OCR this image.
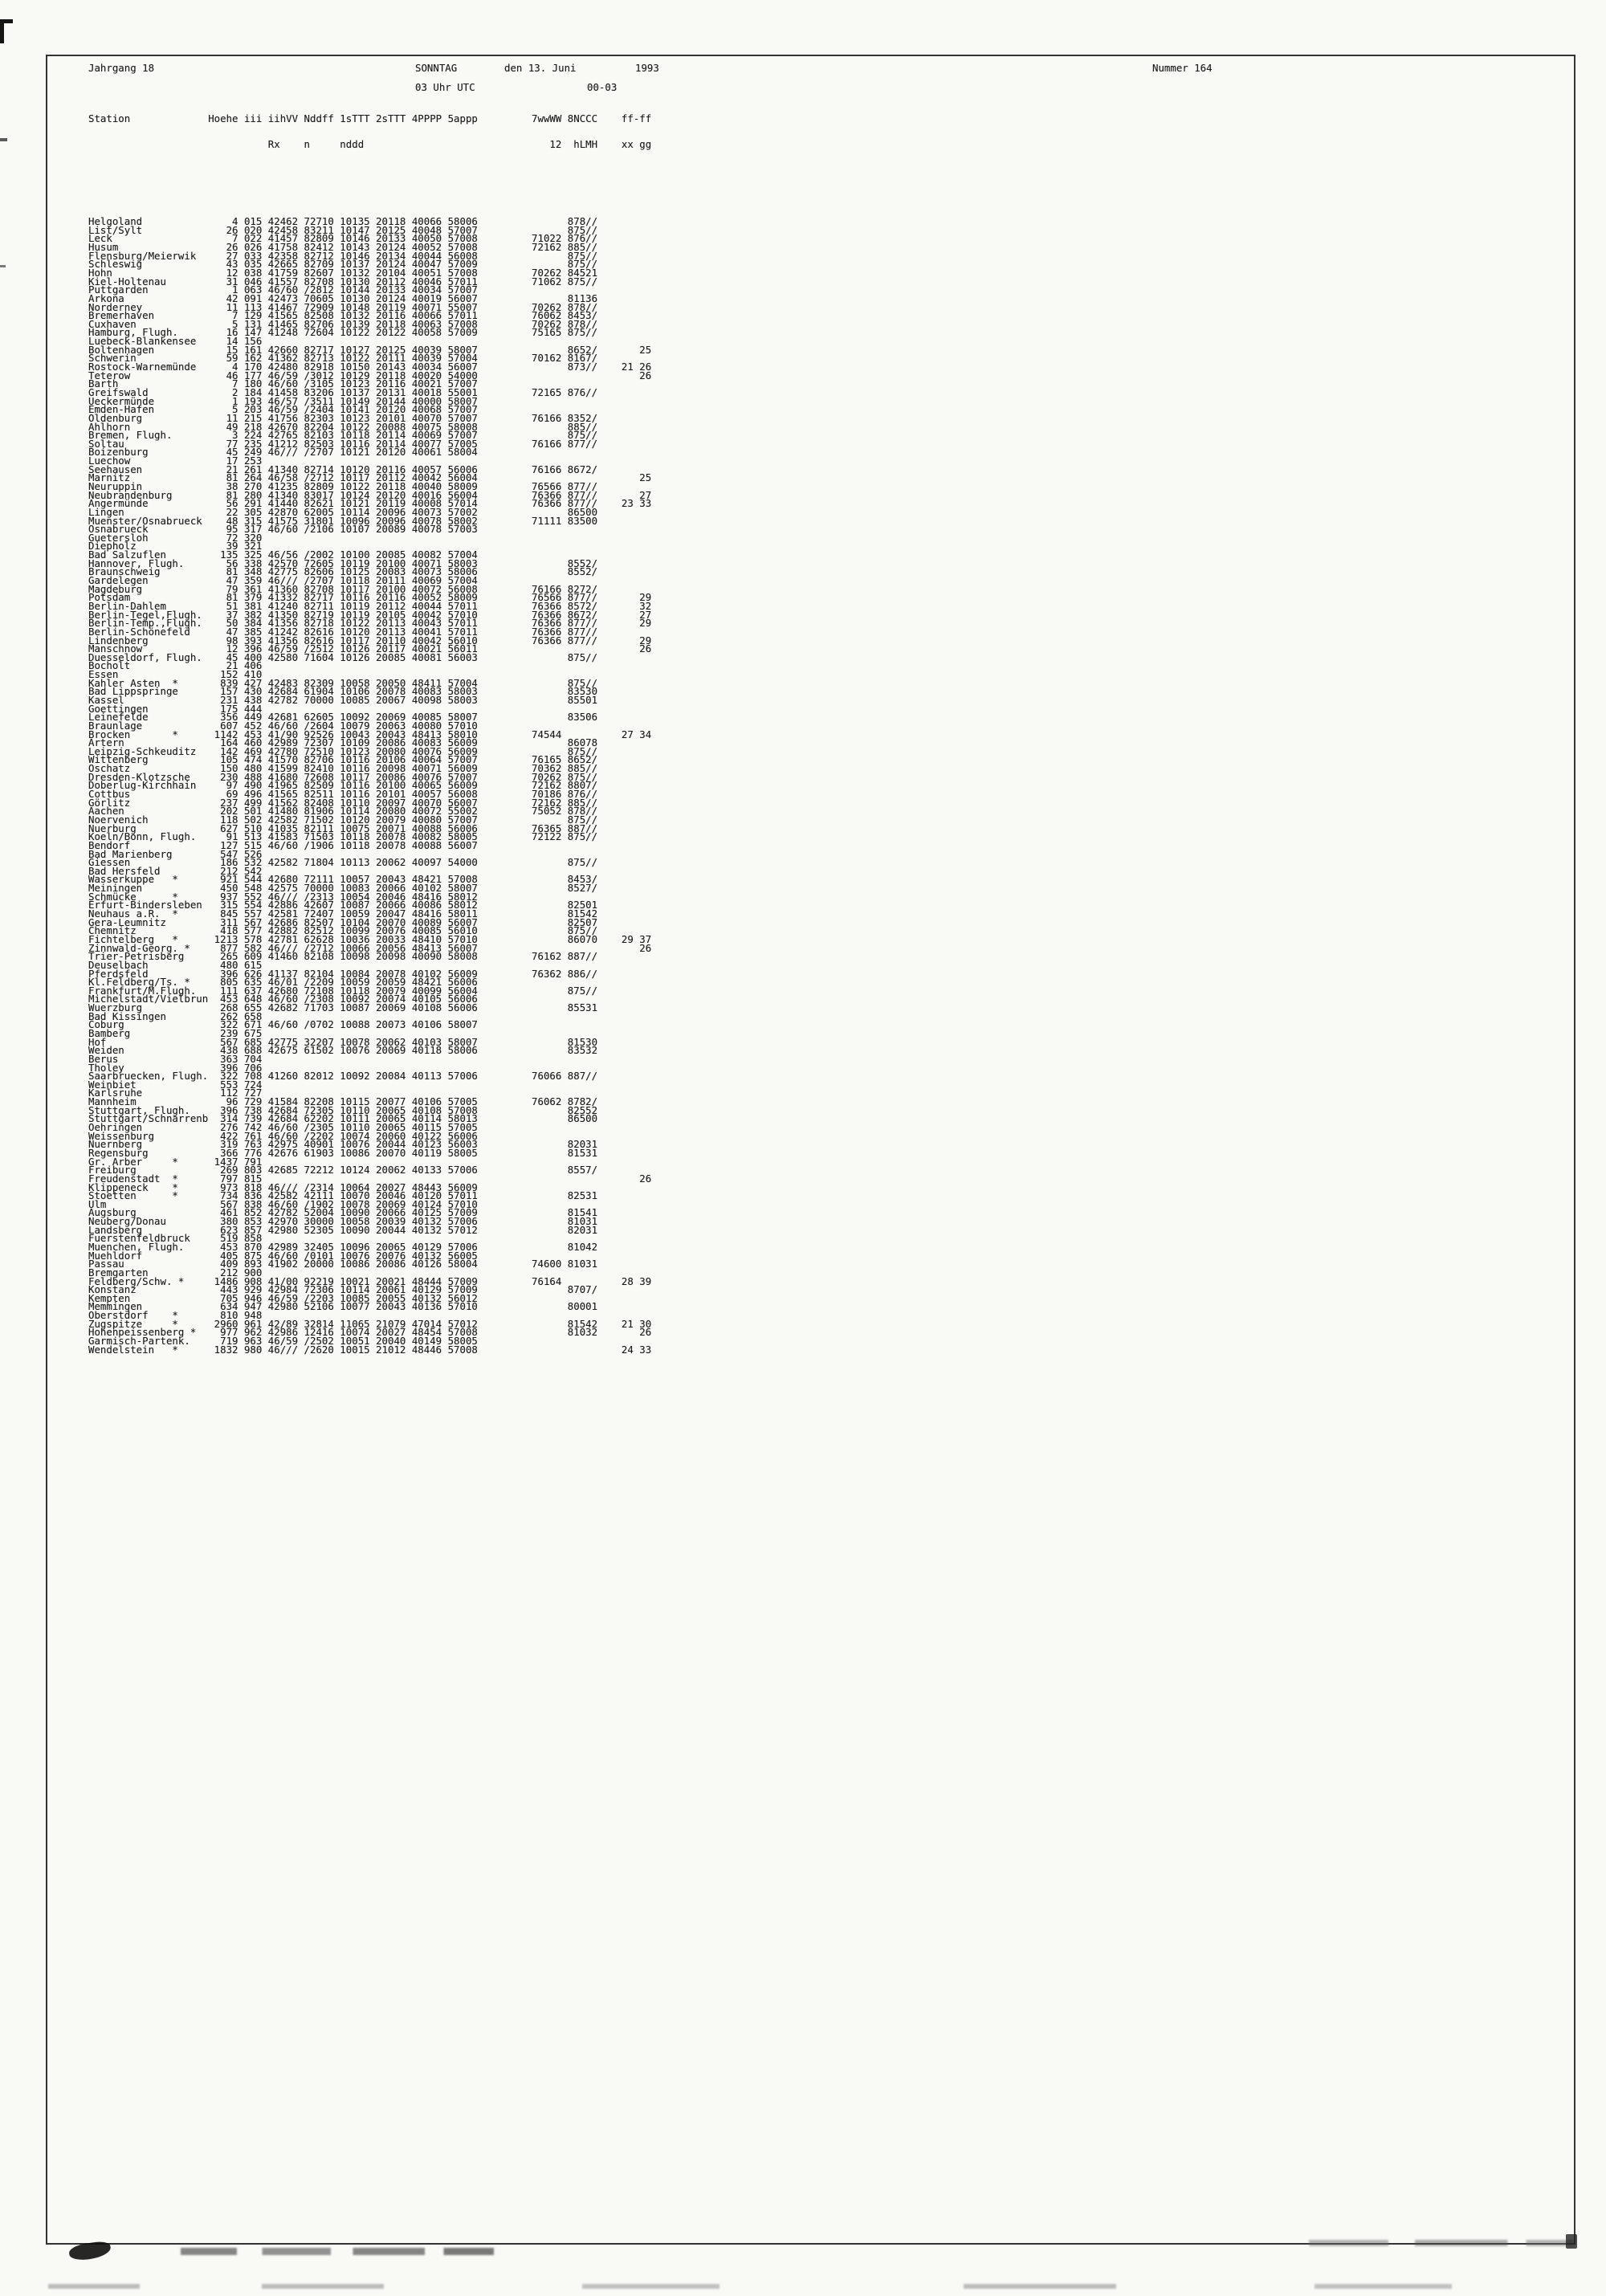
Jahrgang 18	SONNTAG	den 13. Juni	1993	Nummer 164
03 Uhr UTC	00-03

Station             Hoehe iii iihVV Nddff 1sTTT 2sTTT 4PPPP 5appp         7wwWW 8NCCC    ff-ff

Rx    n     nddd                               12  hLMH    xx gg

Helgoland               4 015 42462 72710 10135 20118 40066 58006               878//
List/Sylt              26 020 42458 83211 10147 20125 40048 57007               875//
Leck                    7 022 41457 82809 10146 20133 40050 57008         71022 876//
Husum                  26 026 41758 82412 10143 20124 40052 57008         72162 885//
Flensburg/Meierwik     27 033 42358 82712 10146 20134 40044 56008               875//
Schleswig              43 035 42665 82709 10137 20124 40047 57009               875//
Hohn                   12 038 41759 82607 10132 20104 40051 57008         70262 84521
Kiel-Holtenau          31 046 41557 82708 10130 20112 40046 57011         71062 875//
Puttgarden              1 063 46/60 /2812 10144 20133 40034 57007
Arkona                 42 091 42473 70605 10130 20124 40019 56007               81136
Norderney              11 113 41467 72909 10148 20119 40071 55007         70262 878//
Bremerhaven             7 129 41565 82508 10132 20116 40066 57011         76062 8453/
Cuxhaven                5 131 41465 82706 10139 20118 40063 57008         70262 878//
Hamburg, Flugh.        16 147 41248 72604 10122 20122 40058 57009         75165 875//
Luebeck-Blankensee     14 156
Boltenhagen            15 161 42660 82717 10127 20125 40039 58007               8652/       25
Schwerin               59 162 41362 82713 10122 20111 40039 57004         70162 8167/
Rostock-Warnemünde      4 170 42480 82918 10150 20143 40034 56007               873//    21 26
Teterow                46 177 46/59 /3012 10129 20118 40020 54000                           26
Barth                   7 180 46/60 /3105 10123 20116 40021 57007
Greifswald              2 184 41458 83206 10137 20131 40018 55001         72165 876//
Ueckermünde             1 193 46/57 /3511 10149 20144 40000 58007
Emden-Hafen             5 203 46/59 /2404 10141 20120 40068 57007
Oldenburg              11 215 41756 82303 10123 20101 40070 57007         76166 8352/
Ahlhorn                49 218 42670 82204 10122 20088 40075 58008               885//
Bremen, Flugh.          3 224 42765 82103 10118 20114 40069 57007               875//
Soltau                 77 235 41212 82503 10116 20114 40077 57005         76166 877//
Boizenburg             45 249 46/// /2707 10121 20120 40061 58004
Luechow                17 253
Seehausen              21 261 41340 82714 10120 20116 40057 56006         76166 8672/
Marnitz                81 264 46/58 /2712 10117 20112 40042 56004                           25
Neuruppin              38 270 41235 82809 10122 20118 40040 58009         76566 877//
Neubrandenburg         81 280 41340 83017 10124 20120 40016 56004         76366 877//       27
Angermünde             56 291 41440 82621 10121 20119 40008 57014         76366 877//    23 33
Lingen                 22 305 42870 62005 10114 20096 40073 57002               86500
Muenster/Osnabrueck    48 315 41575 31801 10096 20096 40078 58002         71111 83500
Osnabrueck             95 317 46/60 /2106 10107 20089 40078 57003
Guetersloh             72 320
Diepholz               39 321
Bad Salzuflen         135 325 46/56 /2002 10100 20085 40082 57004
Hannover, Flugh.       56 338 42570 72605 10119 20100 40071 58003               8552/
Braunschweig           81 348 42775 82606 10125 20083 40073 58006               8552/
Gardelegen             47 359 46/// /2707 10118 20111 40069 57004
Magdeburg              79 361 41360 82708 10117 20100 40072 56008         76166 8272/
Potsdam                81 379 41332 82717 10116 20116 40052 58009         76566 877//       29
Berlin-Dahlem          51 381 41240 82711 10119 20112 40044 57011         76366 8572/       32
Berlin-Tegel,Flugh.    37 382 41350 82719 10119 20105 40042 57010         76366 8672/       27
Berlin-Temp.,Flugh.    50 384 41356 82718 10122 20113 40043 57011         76366 877//       29
Berlin-Schönefeld      47 385 41242 82616 10120 20113 40041 57011         76366 877//
Lindenberg             98 393 41356 82616 10117 20110 40042 56010         76366 877//       29
Manschnow              12 396 46/59 /2512 10126 20117 40021 56011                           26
Duesseldorf, Flugh.    45 400 42580 71604 10126 20085 40081 56003               875//
Bocholt                21 406
Essen                 152 410
Kahler Asten  *       839 427 42483 82309 10058 20050 48411 57004               875//
Bad Lippspringe       157 430 42684 61904 10106 20078 40083 58003               83530
Kassel                231 438 42782 70000 10085 20067 40098 58003               85501
Goettingen            175 444
Leinefelde            356 449 42681 62605 10092 20069 40085 58007               83506
Braunlage             607 452 46/60 /2604 10079 20063 40080 57010
Brocken       *      1142 453 41/90 92526 10043 20043 48413 58010         74544          27 34
Artern                164 460 42989 72307 10109 20086 40083 56009               86078
Leipzig-Schkeuditz    142 469 42780 72510 10123 20080 40076 56009               875//
Wittenberg            105 474 41570 82706 10116 20106 40064 57007         76165 8652/
Oschatz               150 480 41599 82410 10116 20098 40071 56009         70362 885//
Dresden-Klotzsche     230 488 41680 72608 10117 20086 40076 57007         70262 875//
Doberlug-Kirchhain     97 490 41965 82509 10116 20100 40065 56009         72162 8807/
Cottbus                69 496 41565 82511 10116 20101 40057 56008         70186 876//
Görlitz               237 499 41562 82408 10110 20097 40070 56007         72162 885//
Aachen                202 501 41480 81906 10114 20080 40072 55002         75052 878//
Noervenich            118 502 42582 71502 10120 20079 40080 57007               875//
Nuerburg              627 510 41035 82111 10075 20071 40088 56006         76365 887//
Koeln/Bonn, Flugh.     91 513 41583 71503 10118 20078 40082 58005         72122 875//
Bendorf               127 515 46/60 /1906 10118 20078 40088 56007
Bad Marienberg        547 526
Giessen               186 532 42582 71804 10113 20062 40097 54000               875//
Bad Hersfeld          212 542
Wasserkuppe   *       921 544 42680 72111 10057 20043 48421 57008               8453/
Meiningen             450 548 42575 70000 10083 20066 40102 58007               8527/
Schmücke      *       937 552 46/// /2313 10054 20046 48416 58012
Erfurt-Bindersleben   315 554 42886 42607 10087 20066 40086 58012               82501
Neuhaus a.R.  *       845 557 42581 72407 10059 20047 48416 58011               81542
Gera-Leumnitz         311 567 42686 82507 10104 20070 40089 56007               82507
Chemnitz              418 577 42882 82512 10099 20076 40085 56010               875//
Fichtelberg   *      1213 578 42781 62628 10036 20033 48410 57010               86070    29 37
Zinnwald-Georg. *     877 582 46/// /2712 10066 20056 48413 56007                           26
Trier-Petrisberg      265 609 41460 82108 10098 20098 40090 58008         76162 887//
Deuselbach            480 615
Pferdsfeld            396 626 41137 82104 10084 20078 40102 56009         76362 886//
Kl.Feldberg/Ts. *     805 635 46/01 /2209 10059 20059 48421 56006
Frankfurt/M.Flugh.    111 637 42680 72108 10118 20079 40099 56004               875//
Michelstadt/Vielbrun  453 648 46/60 /2308 10092 20074 40105 56006
Wuerzburg             268 655 42682 71703 10087 20069 40108 56006               85531
Bad Kissingen         262 658
Coburg                322 671 46/60 /0702 10088 20073 40106 58007
Bamberg               239 675
Hof                   567 685 42775 32207 10078 20062 40103 58007               81530
Weiden                438 688 42675 61502 10076 20069 40118 58006               83532
Berus                 363 704
Tholey                396 706
Saarbruecken, Flugh.  322 708 41260 82012 10092 20084 40113 57006         76066 887//
Weinbiet              553 724
Karlsruhe             112 727
Mannheim               96 729 41584 82208 10115 20077 40106 57005         76062 8782/
Stuttgart, Flugh.     396 738 42684 72305 10110 20065 40108 57008               82552
Stuttgart/Schnarrenb  314 739 42684 62202 10111 20065 40114 58013               86500
Oehringen             276 742 46/60 /2305 10110 20065 40115 57005
Weissenburg           422 761 46/60 /2202 10074 20060 40122 56006
Nuernberg             319 763 42975 40901 10076 20044 40123 56003               82031
Regensburg            366 776 42676 61903 10086 20070 40119 58005               81531
Gr. Arber     *      1437 791
Freiburg              269 803 42685 72212 10124 20062 40133 57006               8557/
Freudenstadt  *       797 815                                                               26
Klippeneck    *       973 818 46/// /2314 10064 20027 48443 56009
Stoetten      *       734 836 42582 42111 10070 20046 40120 57011               82531
Ulm                   567 838 46/60 /1902 10078 20069 40124 57010
Augsburg              461 852 42782 52004 10090 20066 40125 57009               81541
Neuberg/Donau         380 853 42970 30000 10058 20039 40132 57006               81031
Landsberg             623 857 42980 52305 10090 20044 40132 57012               82031
Fuerstenfeldbruck     519 858
Muenchen, Flugh.      453 870 42989 32405 10096 20065 40129 57006               81042
Muehldorf             405 875 46/60 /0101 10076 20076 40132 56005
Passau                409 893 41902 20000 10086 20086 40126 58004         74600 81031
Bremgarten            212 900
Feldberg/Schw. *     1486 908 41/00 92219 10021 20021 48444 57009         76164          28 39
Konstanz              443 929 42984 72306 10114 20061 40129 57009               8707/
Kempten               705 946 46/59 /2203 10085 20055 40132 56012
Memmingen             634 947 42980 52106 10077 20043 40136 57010               80001
Oberstdorf    *       810 948
Zugspitze     *      2960 961 42/89 32814 11065 21079 47014 57012               81542    21 30
Hohenpeissenberg *    977 962 42986 12416 10074 20027 48454 57008               81032       26
Garmisch-Partenk.     719 963 46/59 /2502 10051 20040 40149 58005
Wendelstein   *      1832 980 46/// /2620 10015 21012 48446 57008                        24 33
